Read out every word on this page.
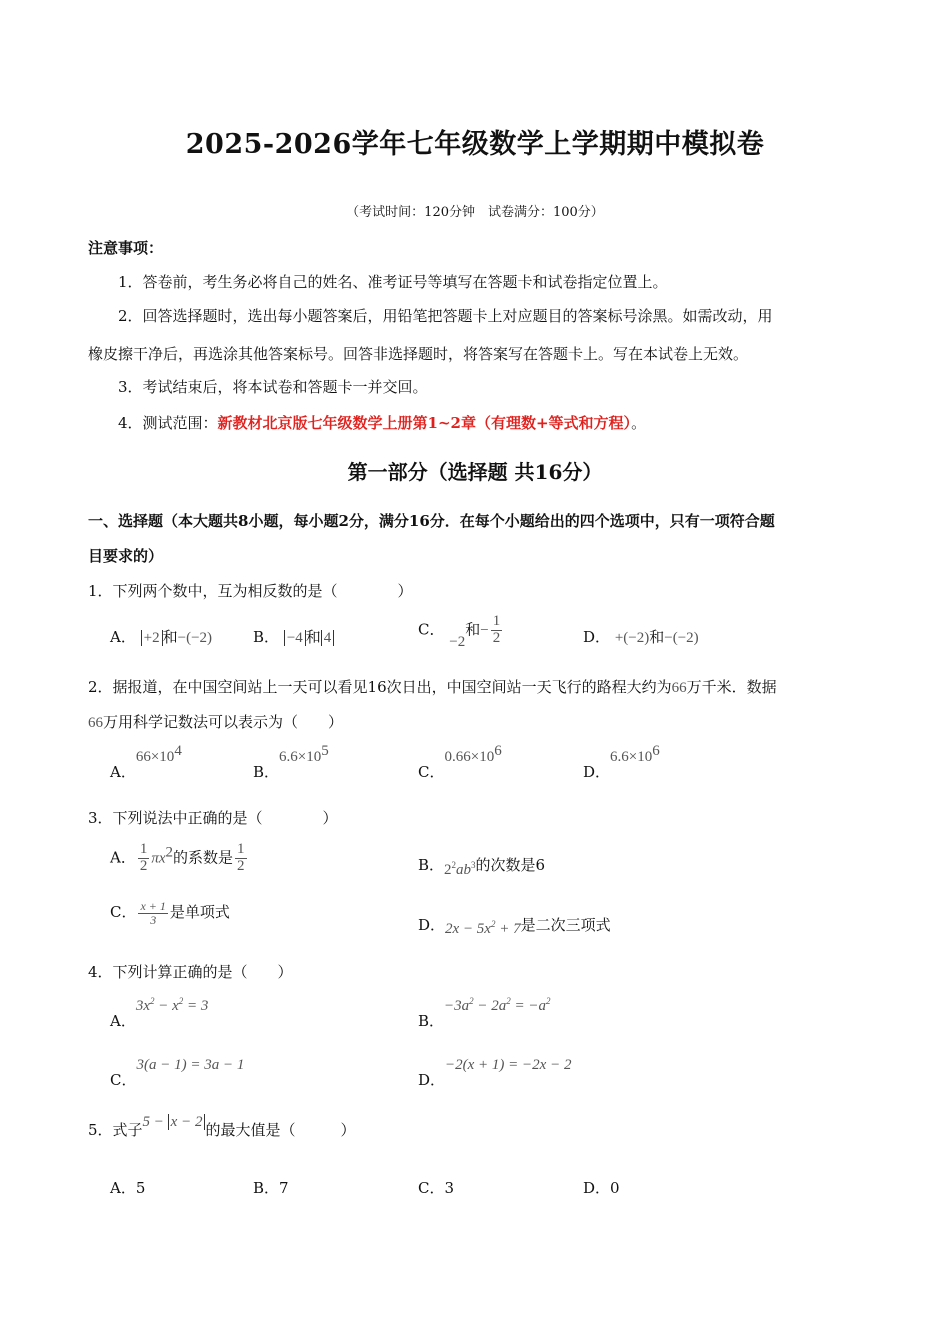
2025-2026学年七年级数学上学期期中模拟卷
（考试时间：120分钟　试卷满分：100分）
注意事项：
1．答卷前，考生务必将自己的姓名、准考证号等填写在答题卡和试卷指定位置上。
2．回答选择题时，选出每小题答案后，用铅笔把答题卡上对应题目的答案标号涂黑。如需改动，用
橡皮擦干净后，再选涂其他答案标号。回答非选择题时，将答案写在答题卡上。写在本试卷上无效。
3．考试结束后，将本试卷和答题卡一并交回。
4．测试范围：新教材北京版七年级数学上册第1~2章（有理数+等式和方程）。
第一部分（选择题 共16分）
一、选择题（本大题共8小题，每小题2分，满分16分．在每个小题给出的四个选项中，只有一项符合题
目要求的）
1．下列两个数中，互为相反数的是（　　　　）
A． +2 和−(−2)	B． −4 和 4	C． −2和− $\frac{1}{2}$	D． +(−2)和−(−2)
2．据报道，在中国空间站上一天可以看见16次日出，中国空间站一天飞行的路程大约为66万千米．数据
66万用科学记数法可以表示为（　　）
A．$66\times 10^4$
B．$6.6\times 10^5$
C．$0.66\times 10^6$
D．$6.6\times 10^6$
3．下列说法中正确的是（　　　　）
A． $\frac{1}{2} \pi x^2$的系数是 $\frac{1}{2}$	B．$2^2ab^3$的次数是6
C． $\frac{x + 1}{3}$ 是单项式
D．$2x - 5x^2 + 7$是二次三项式
4．下列计算正确的是（　　）
A．$3x^2 - x^2 = 3$
B．$-3a^2 - 2a^2 = -a^2$
C．3(a − 1) = 3a − 1
D．−2(x + 1) = −2x − 2
5．式子5 − x − 2 的最大值是（　　　）
A．5	B．7	C．3	D．0
